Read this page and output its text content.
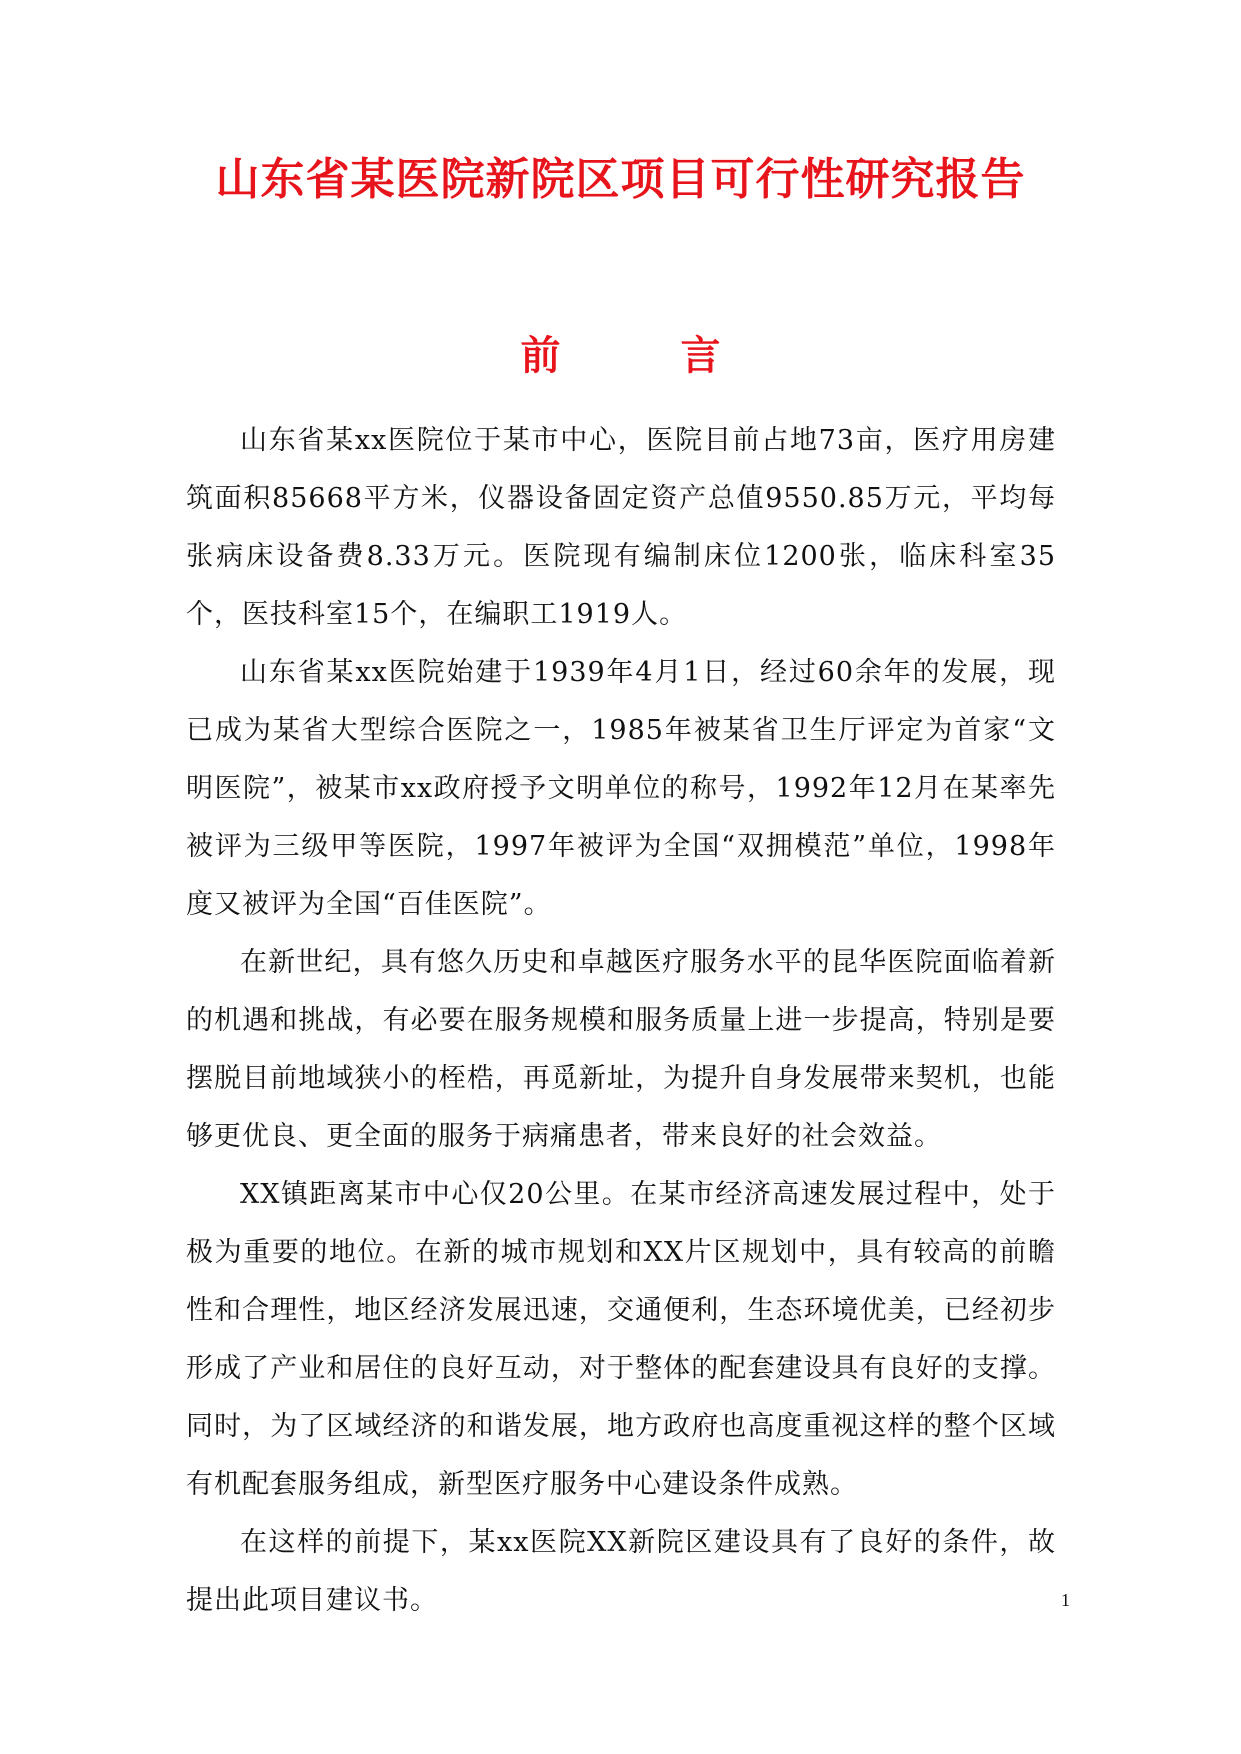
山东省某医院新院区项目可行性研究报告
前　　　言

山东省某xx医院位于某市中心，医院目前占地73亩，医疗用房建筑面积85668平方米，仪器设备固定资产总值9550.85万元，平均每张病床设备费8.33万元。医院现有编制床位1200张，临床科室35个，医技科室15个，在编职工1919人。

山东省某xx医院始建于1939年4月1日，经过60余年的发展，现已成为某省大型综合医院之一，1985年被某省卫生厅评定为首家“文明医院”，被某市xx政府授予文明单位的称号，1992年12月在某率先被评为三级甲等医院，1997年被评为全国“双拥模范”单位，1998年度又被评为全国“百佳医院”。

在新世纪，具有悠久历史和卓越医疗服务水平的昆华医院面临着新的机遇和挑战，有必要在服务规模和服务质量上进一步提高，特别是要摆脱目前地域狭小的桎梏，再觅新址，为提升自身发展带来契机，也能够更优良、更全面的服务于病痛患者，带来良好的社会效益。

XX镇距离某市中心仅20公里。在某市经济高速发展过程中，处于极为重要的地位。在新的城市规划和XX片区规划中，具有较高的前瞻性和合理性，地区经济发展迅速，交通便利，生态环境优美，已经初步形成了产业和居住的良好互动，对于整体的配套建设具有良好的支撑。同时，为了区域经济的和谐发展，地方政府也高度重视这样的整个区域有机配套服务组成，新型医疗服务中心建设条件成熟。

在这样的前提下，某xx医院XX新院区建设具有了良好的条件，故提出此项目建议书。	1
